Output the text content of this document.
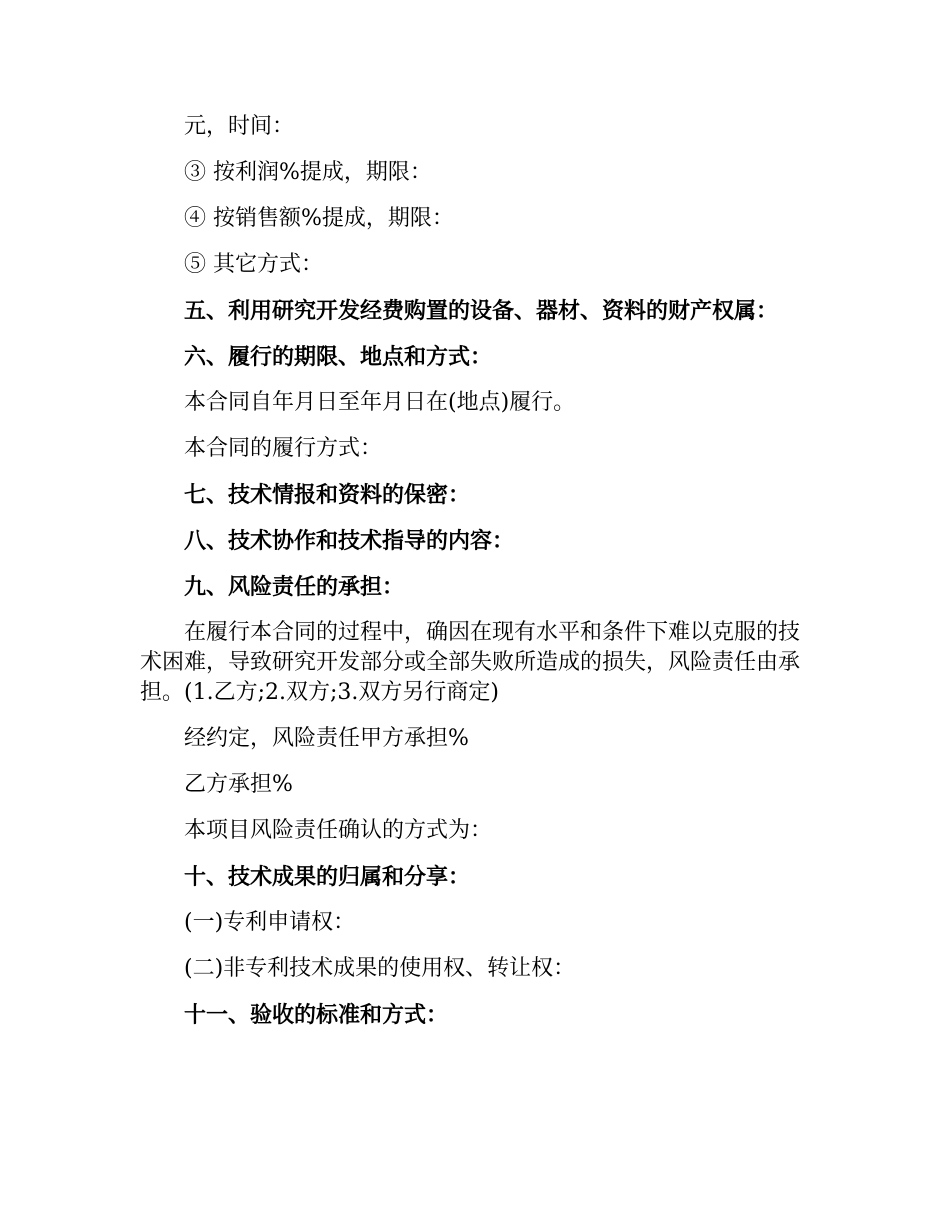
元，时间：

③ 按利润%提成，期限：

④ 按销售额%提成，期限：

⑤ 其它方式：

五、利用研究开发经费购置的设备、器材、资料的财产权属：

六、履行的期限、地点和方式：

本合同自年月日至年月日在(地点)履行。

本合同的履行方式：

七、技术情报和资料的保密：

八、技术协作和技术指导的内容：

九、风险责任的承担：

在履行本合同的过程中，确因在现有水平和条件下难以克服的技术困难，导致研究开发部分或全部失败所造成的损失，风险责任由承担。(1.乙方;2.双方;3.双方另行商定)

经约定，风险责任甲方承担%

乙方承担%

本项目风险责任确认的方式为：

十、技术成果的归属和分享：

(一)专利申请权：

(二)非专利技术成果的使用权、转让权：

十一、验收的标准和方式：
